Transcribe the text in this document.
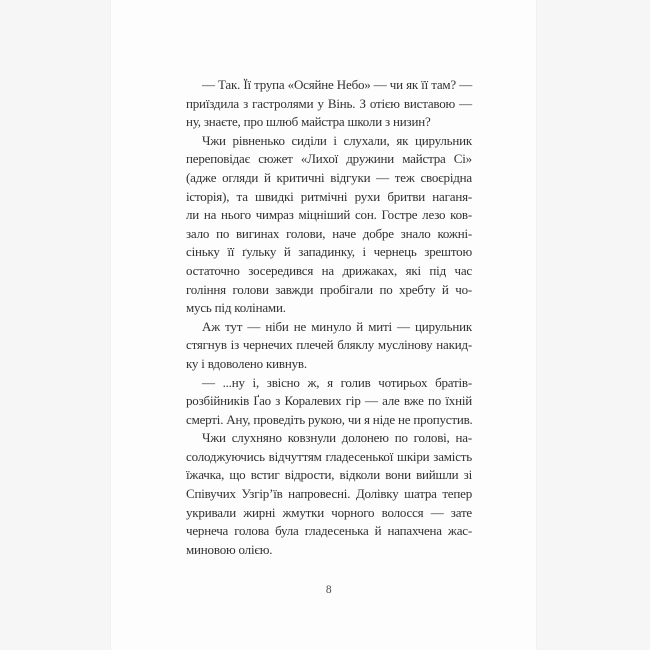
— Так. Її трупа «Осяйне Небо» — чи як її там? —
приїздила з гастролями у Вінь. З отією виставою —
ну, знаєте, про шлюб майстра школи з низин?
Чжи рівненько сиділи і слухали, як цирульник
переповідає сюжет «Лихої дружини майстра Сі»
(адже огляди й критичні відгуки — теж своєрідна
історія), та швидкі ритмічні рухи бритви наганя-
ли на нього чимраз міцніший сон. Гостре лезо ков-
зало по вигинах голови, наче добре знало кожні-
сіньку її ґульку й западинку, і чернець зрештою
остаточно зосередився на дрижаках, які під час
гоління голови завжди пробігали по хребту й чо-
мусь під колінами.
Аж тут — ніби не минуло й миті — цирульник
стягнув із чернечих плечей бляклу муслінову накид-
ку і вдоволено кивнув.
— ...ну і, звісно ж, я голив чотирьох братів-
розбійників Ґао з Коралевих гір — але вже по їхній
смерті. Ану, проведіть рукою, чи я ніде не пропустив.
Чжи слухняно ковзнули долонею по голові, на-
солоджуючись відчуттям гладесенької шкіри замість
їжачка, що встиг відрости, відколи вони вийшли зі
Співучих Узгір’їв напровесні. Долівку шатра тепер
укривали жирні жмутки чорного волосся — зате
чернеча голова була гладесенька й напахчена жас-
миновою олією.
8
